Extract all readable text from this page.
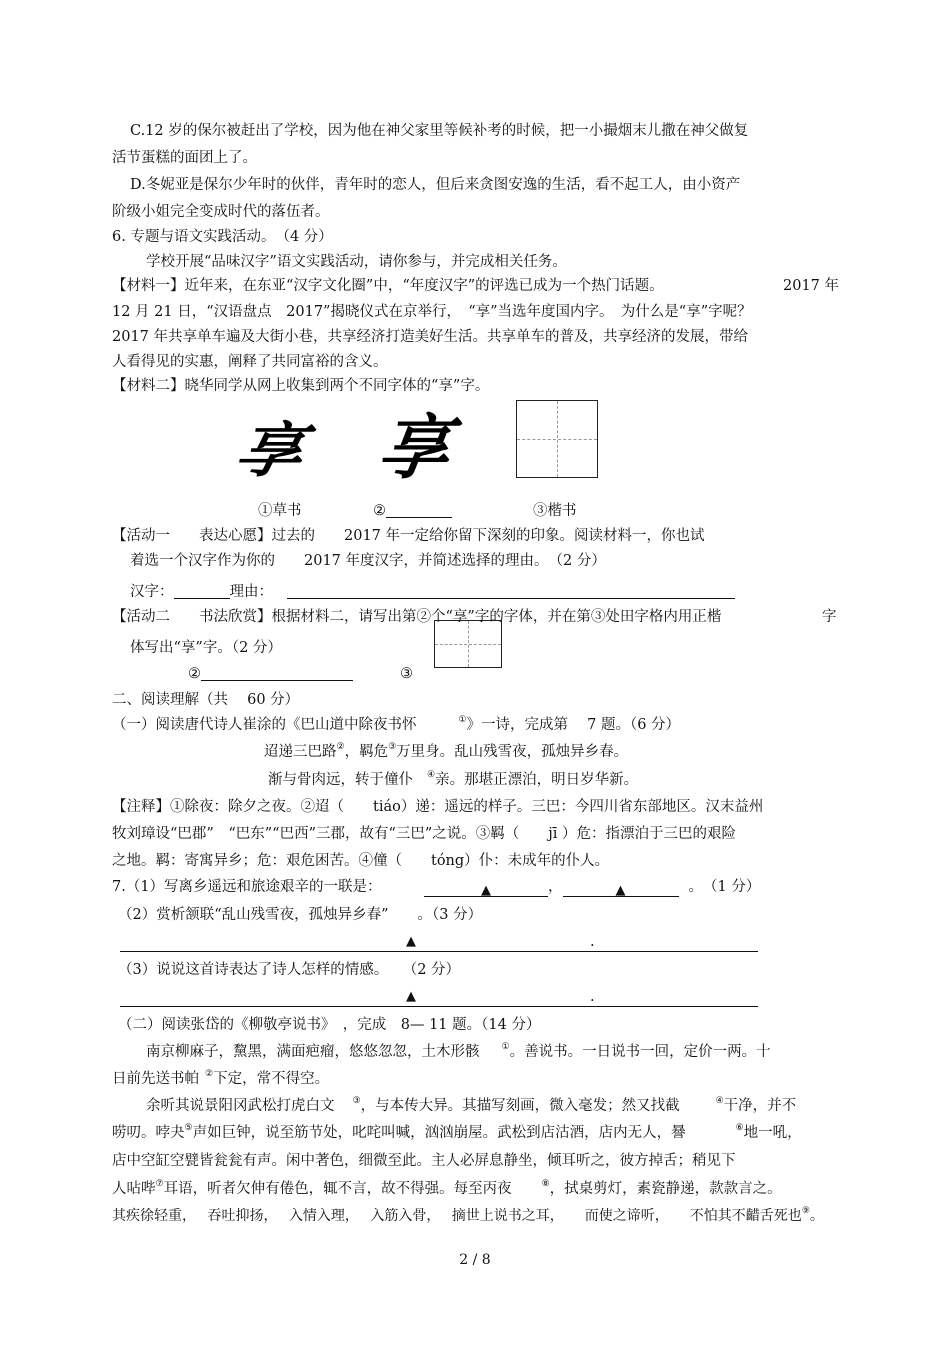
C.12 岁的保尔被赶出了学校，因为他在神父家里等候补考的时候，把一小撮烟末儿撒在神父做复
活节蛋糕的面团上了。
D.冬妮亚是保尔少年时的伙伴，青年时的恋人，但后来贪图安逸的生活，看不起工人，由小资产
阶级小姐完全变成时代的落伍者。
6. 专题与语文实践活动。　（4 分）
学校开展“品味汉字”语文实践活动，请你参与，并完成相关任务。
【材料一】近年来，在东亚“汉字文化圈”中，“年度汉字”的评选已成为一个热门话题。	2017 年
12 月 21 日，“汉语盘点　2017”揭晓仪式在京举行，　“享”当选年度国内字。　为什么是“享”字呢？
2017 年共享单车遍及大街小巷，共享经济打造美好生活。共享单车的普及，共享经济的发展，带给
人看得见的实惠，阐释了共同富裕的含义。
【材料二】晓华同学从网上收集到两个不同字体的“享”字。
享 享
①草书	②	③楷书
【活动一　　表达心愿】过去的　　2017 年一定给你留下深刻的印象。阅读材料一，你也试
着选一个汉字作为你的　　2017 年度汉字，并简述选择的理由。　（2 分）
汉字：	理由：
【活动二　　书法欣赏】根据材料二，请写出第②个“享”字的字体，并在第③处田字格内用正楷	字
体写出“享”字。（2 分）
②	③
二、阅读理解（共　 60 分）
（一）阅读唐代诗人崔涂的《巴山道中除夜书怀	①》一诗，完成第　 7 题。（6 分）
迢递三巴路②，羁危③万里身。乱山残雪夜，孤烛异乡春。
渐与骨肉远，转于僮仆 ④亲。那堪正漂泊，明日岁华新。
【注释】①除夜：除夕之夜。②迢（　　tiáo）递：遥远的样子。三巴：今四川省东部地区。汉末益州
牧刘璋设“巴郡”　“巴东”“巴西”三郡，故有“三巴”之说。③羁（　　jī ）危：指漂泊于三巴的艰险
之地。羁：寄寓异乡；危：艰危困苦。④僮（　　tóng）仆：未成年的仆人。
7.（1）写离乡遥远和旅途艰辛的一联是：	▲	，	▲	。　（1 分）
（2）赏析颔联“乱山残雪夜，孤烛异乡春”　　。（3 分）
▲	.
（3）说说这首诗表达了诗人怎样的情感。　　（2 分）
▲	.
（二）阅读张岱的《柳敬亭说书》　，完成　8— 11 题。（14 分）
南京柳麻子，黧黑，满面疤瘤，悠悠忽忽，土木形骸 ①。善说书。一日说书一回，定价一两。十
日前先送书帕 ②下定，常不得空。
余听其说景阳冈武松打虎白文 ③，与本传大异。其描写刻画，微入毫发；然又找截	④干净，并不
唠叨。哱夬⑤声如巨钟，说至筋节处，叱咤叫喊，汹汹崩屋。武松到店沽酒，店内无人，謈	⑥地一吼，
店中空缸空甓皆瓮瓮有声。闲中著色，细微至此。主人必屏息静坐，倾耳听之，彼方掉舌；稍见下
人呫哔⑦耳语，听者欠伸有倦色，辄不言，故不得强。每至丙夜	⑧，拭桌剪灯，素瓷静递，款款言之。
其疾徐轻重，　 吞吐抑扬，　 入情入理，　 入筋入骨，　 摘世上说书之耳，　　而使之谛听，　　不怕其不齰舌死也⑨。
2 / 8
